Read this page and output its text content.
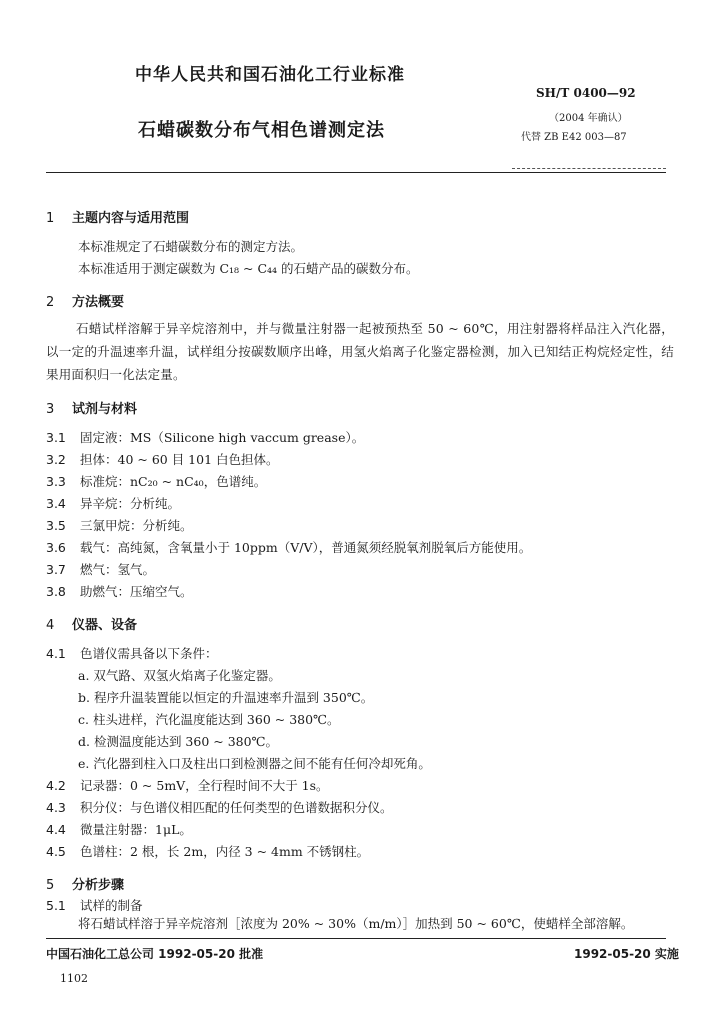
中华人民共和国石油化工行业标准
SH/T 0400—92
（2004 年确认）
代替 ZB E42 003—87
石蜡碳数分布气相色谱测定法
1 主题内容与适用范围
本标准规定了石蜡碳数分布的测定方法。
本标准适用于测定碳数为 C₁₈ ~ C₄₄ 的石蜡产品的碳数分布。
2 方法概要
石蜡试样溶解于异辛烷溶剂中，并与微量注射器一起被预热至 50 ~ 60℃，用注射器将样品注入汽化器，以一定的升温速率升温，试样组分按碳数顺序出峰，用氢火焰离子化鉴定器检测，加入已知结正构烷烃定性，结果用面积归一化法定量。
3 试剂与材料
3.1 固定液：MS（Silicone high vaccum grease）。
3.2 担体：40 ~ 60 目 101 白色担体。
3.3 标准烷：nC₂₀ ~ nC₄₀，色谱纯。
3.4 异辛烷：分析纯。
3.5 三氯甲烷：分析纯。
3.6 载气：高纯氮，含氧量小于 10ppm（V/V），普通氮须经脱氧剂脱氧后方能使用。
3.7 燃气：氢气。
3.8 助燃气：压缩空气。
4 仪器、设备
4.1 色谱仪需具备以下条件：
a. 双气路、双氢火焰离子化鉴定器。
b. 程序升温装置能以恒定的升温速率升温到 350℃。
c. 柱头进样，汽化温度能达到 360 ~ 380℃。
d. 检测温度能达到 360 ~ 380℃。
e. 汽化器到柱入口及柱出口到检测器之间不能有任何冷却死角。
4.2 记录器：0 ~ 5mV，全行程时间不大于 1s。
4.3 积分仪：与色谱仪相匹配的任何类型的色谱数据积分仪。
4.4 微量注射器：1μL。
4.5 色谱柱：2 根，长 2m，内径 3 ~ 4mm 不锈钢柱。
5 分析步骤
5.1 试样的制备
将石蜡试样溶于异辛烷溶剂［浓度为 20% ~ 30%（m/m）］加热到 50 ~ 60℃，使蜡样全部溶解。
中国石油化工总公司 1992-05-20 批准	1992-05-20 实施
1102
